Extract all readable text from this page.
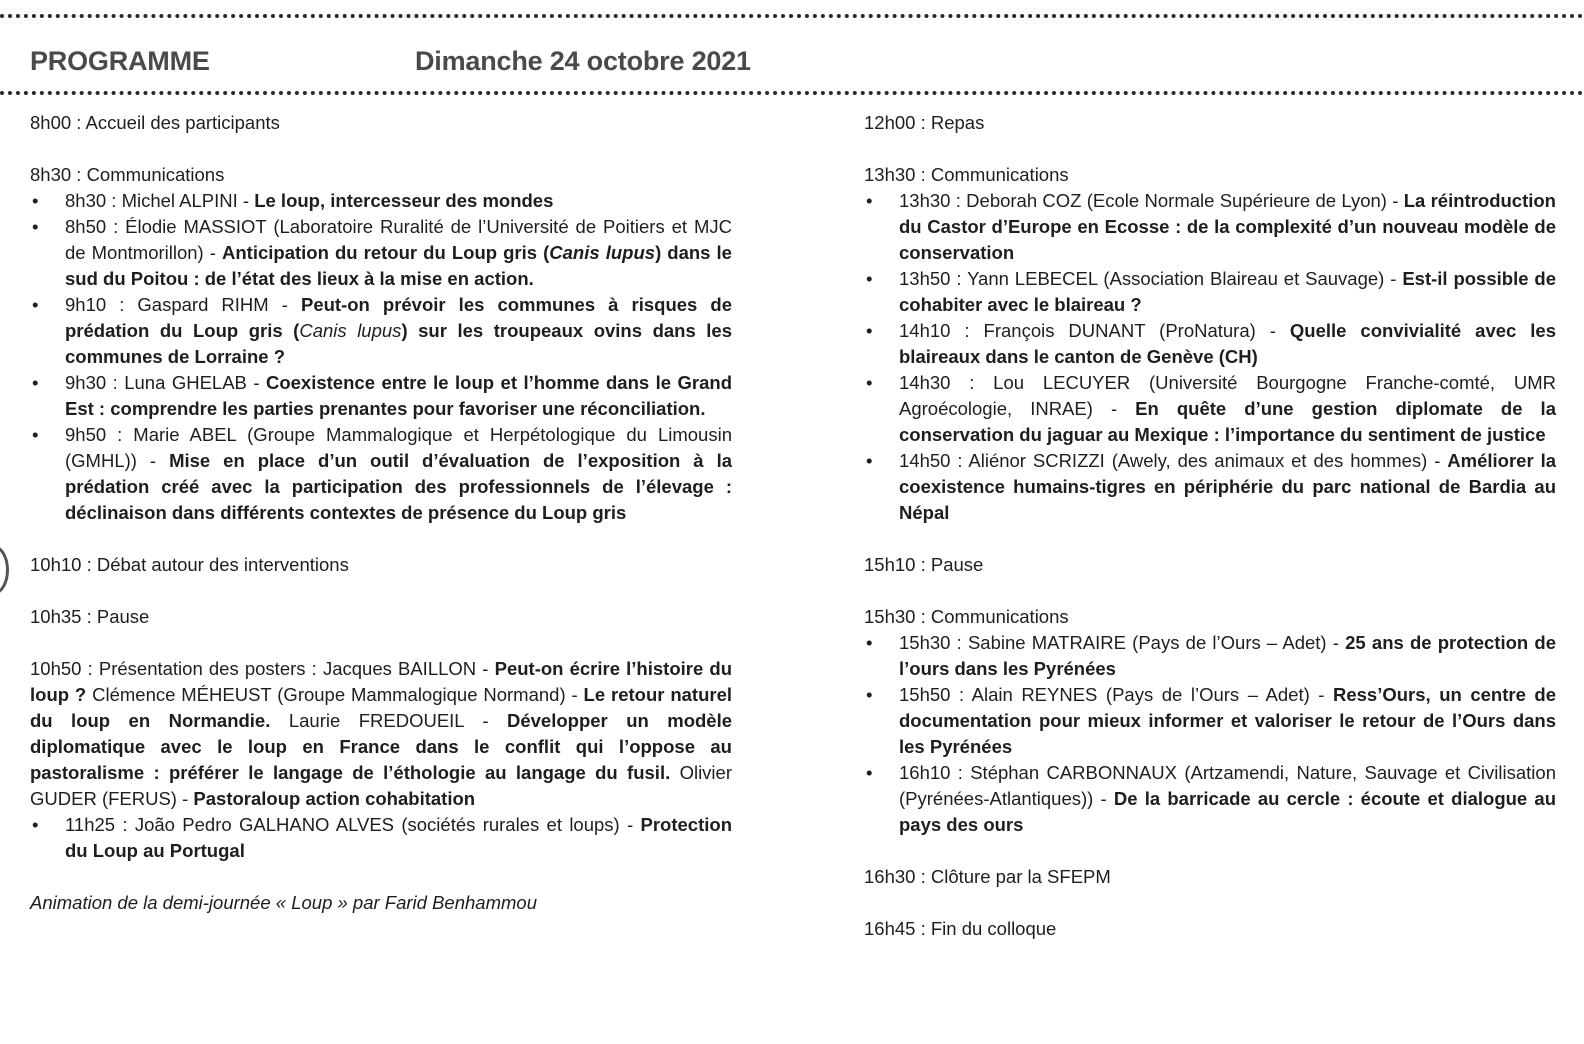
PROGRAMME	Dimanche 24 octobre 2021

8h00 : Accueil des participants

8h30 : Communications

• 8h30 : Michel ALPINI - Le loup, intercesseur des mondes
• 8h50 : Élodie MASSIOT (Laboratoire Ruralité de l’Université de Poitiers et MJC de Montmorillon) - Anticipation du retour du Loup gris (Canis lupus) dans le sud du Poitou : de l’état des lieux à la mise en action.
• 9h10 : Gaspard RIHM - Peut-on prévoir les communes à risques de prédation du Loup gris (Canis lupus) sur les troupeaux ovins dans les communes de Lorraine ?
• 9h30 : Luna GHELAB - Coexistence entre le loup et l’homme dans le Grand Est : comprendre les parties prenantes pour favoriser une réconciliation.
• 9h50 : Marie ABEL (Groupe Mammalogique et Herpétologique du Limousin (GMHL)) - Mise en place d’un outil d’évaluation de l’exposition à la prédation créé avec la participation des professionnels de l’élevage : déclinaison dans différents contextes de présence du Loup gris

10h10 : Débat autour des interventions

10h35 : Pause

10h50 : Présentation des posters : Jacques BAILLON - Peut-on écrire l’histoire du loup ? Clémence MÉHEUST (Groupe Mammalogique Normand) - Le retour naturel du loup en Normandie. Laurie FREDOUEIL - Développer un modèle diplomatique avec le loup en France dans le conflit qui l’oppose au pastoralisme : préférer le langage de l’éthologie au langage du fusil. Olivier GUDER (FERUS) - Pastoraloup action cohabitation

• 11h25 : João Pedro GALHANO ALVES (sociétés rurales et loups) - Protection du Loup au Portugal

Animation de la demi-journée « Loup » par Farid Benhammou

12h00 : Repas

13h30 : Communications

• 13h30 : Deborah COZ (Ecole Normale Supérieure de Lyon) - La réintroduction du Castor d’Europe en Ecosse : de la complexité d’un nouveau modèle de conservation
• 13h50 : Yann LEBECEL (Association Blaireau et Sauvage) - Est-il possible de cohabiter avec le blaireau ?
• 14h10 : François DUNANT (ProNatura) - Quelle convivialité avec les blaireaux dans le canton de Genève (CH)
• 14h30 : Lou LECUYER (Université Bourgogne Franche-comté, UMR Agroécologie, INRAE) - En quête d’une gestion diplomate de la conservation du jaguar au Mexique : l’importance du sentiment de justice
• 14h50 : Aliénor SCRIZZI (Awely, des animaux et des hommes) - Améliorer la coexistence humains-tigres en périphérie du parc national de Bardia au Népal

15h10 : Pause

15h30 : Communications

• 15h30 : Sabine MATRAIRE (Pays de l’Ours – Adet) - 25 ans de protection de l’ours dans les Pyrénées
• 15h50 : Alain REYNES (Pays de l’Ours – Adet) - Ress’Ours, un centre de documentation pour mieux informer et valoriser le retour de l’Ours dans les Pyrénées
• 16h10 : Stéphan CARBONNAUX (Artzamendi, Nature, Sauvage et Civilisation (Pyrénées-Atlantiques)) - De la barricade au cercle : écoute et dialogue au pays des ours

16h30 : Clôture par la SFEPM

16h45 : Fin du colloque
